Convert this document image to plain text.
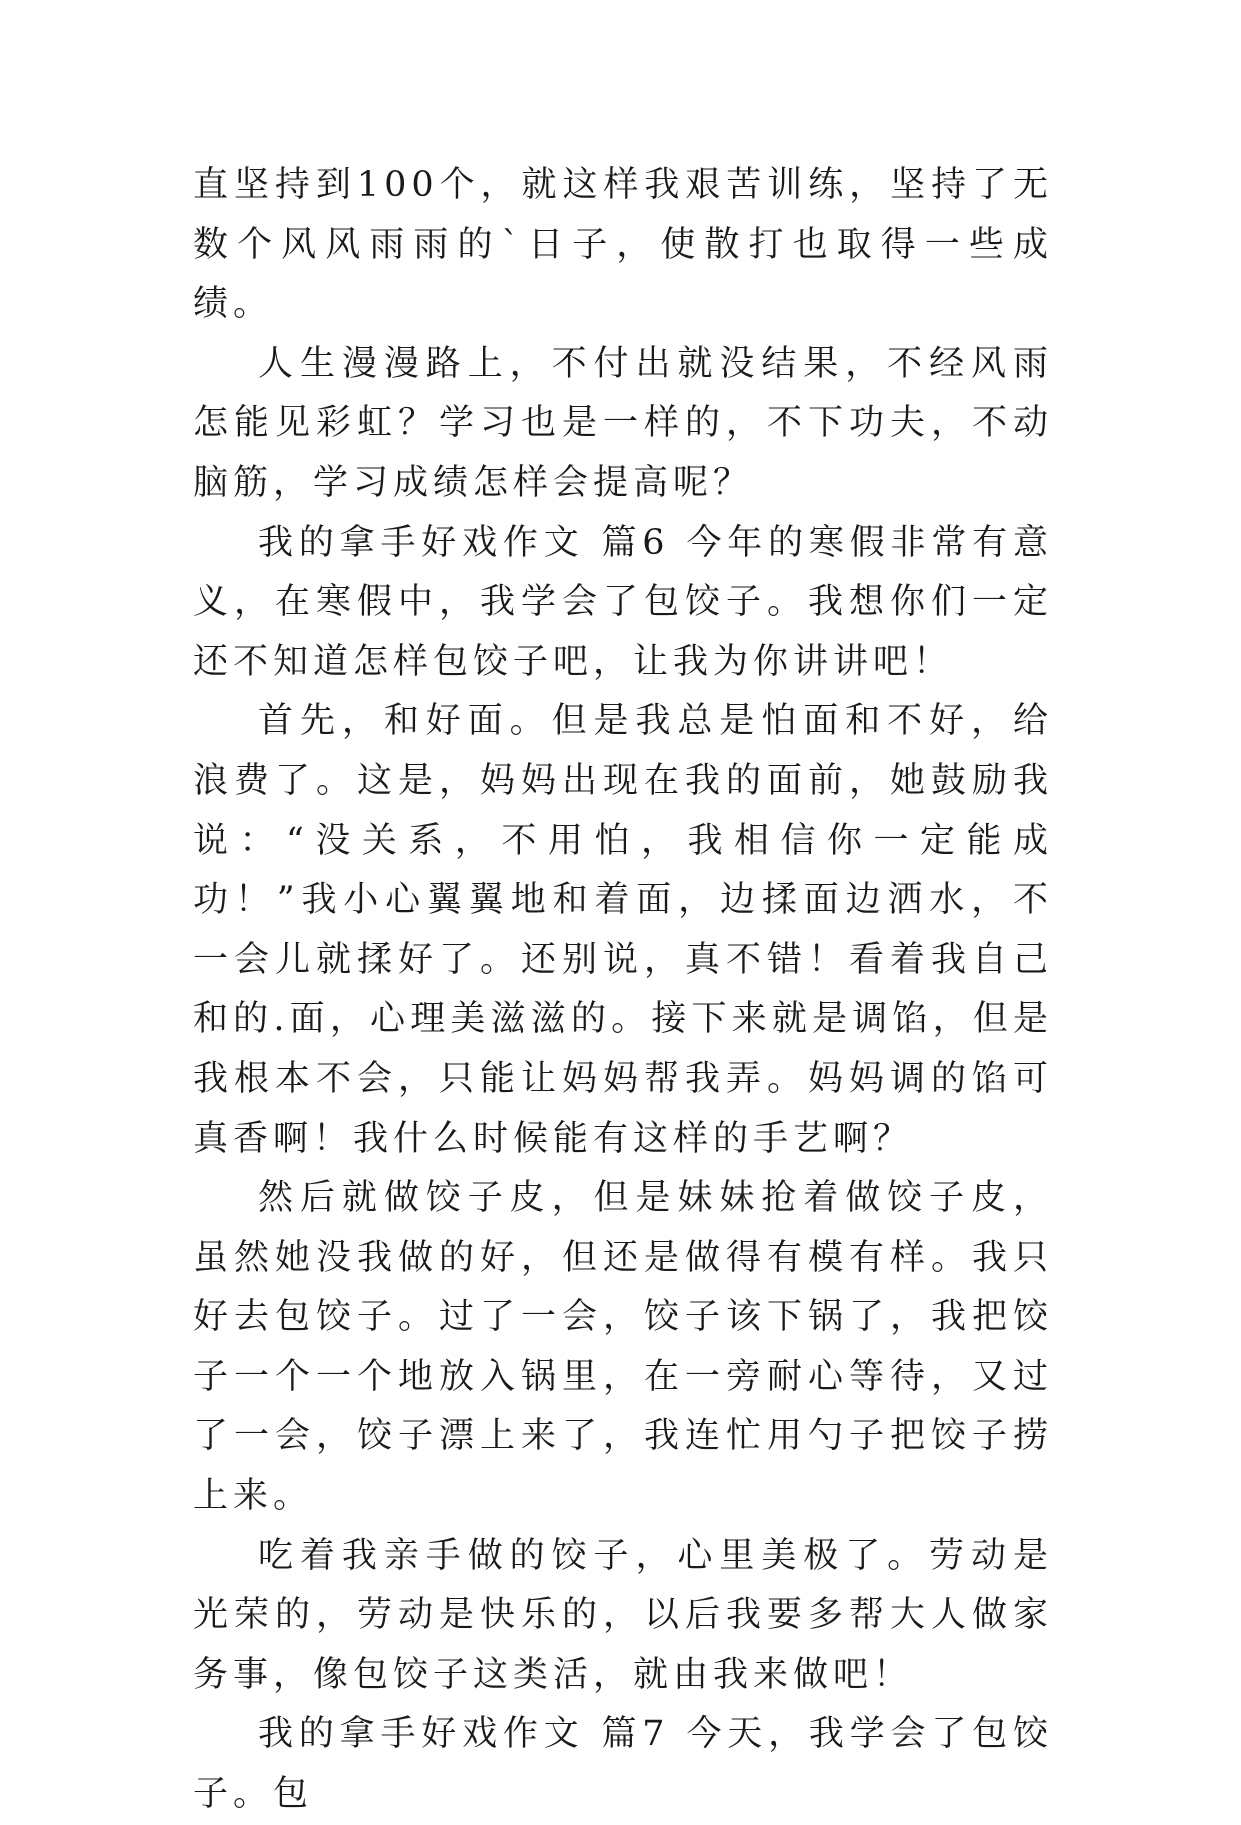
直坚持到100个，就这样我艰苦训练，坚持了无数个风风雨雨的`日子，使散打也取得一些成绩。

人生漫漫路上，不付出就没结果，不经风雨怎能见彩虹？学习也是一样的，不下功夫，不动脑筋，学习成绩怎样会提高呢？

我的拿手好戏作文 篇6 今年的寒假非常有意义，在寒假中，我学会了包饺子。我想你们一定还不知道怎样包饺子吧，让我为你讲讲吧！

首先，和好面。但是我总是怕面和不好，给浪费了。这是，妈妈出现在我的面前，她鼓励我说：“没关系，不用怕，我相信你一定能成功！”我小心翼翼地和着面，边揉面边洒水，不一会儿就揉好了。还别说，真不错！看着我自己和的.面，心理美滋滋的。接下来就是调馅，但是我根本不会，只能让妈妈帮我弄。妈妈调的馅可真香啊！我什么时候能有这样的手艺啊？

然后就做饺子皮，但是妹妹抢着做饺子皮，虽然她没我做的好，但还是做得有模有样。我只好去包饺子。过了一会，饺子该下锅了，我把饺子一个一个地放入锅里，在一旁耐心等待，又过了一会，饺子漂上来了，我连忙用勺子把饺子捞上来。

吃着我亲手做的饺子，心里美极了。劳动是光荣的，劳动是快乐的，以后我要多帮大人做家务事，像包饺子这类活，就由我来做吧！

我的拿手好戏作文 篇7 今天，我学会了包饺子。包
